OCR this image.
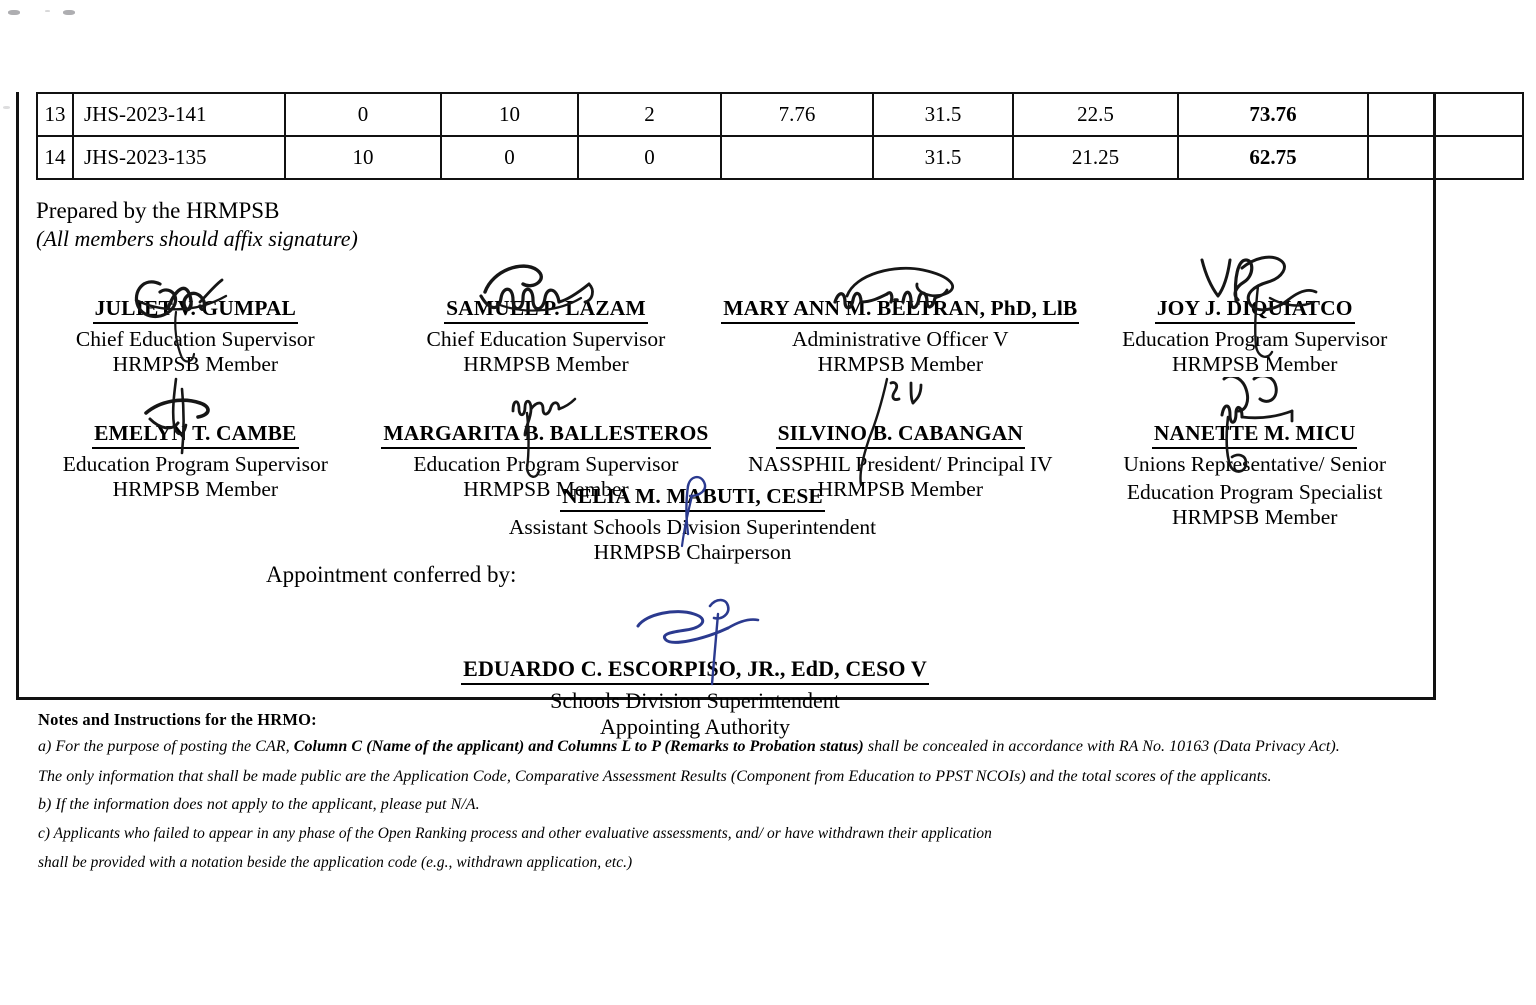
13	JHS-2023-141	0	10	2	7.76	31.5	22.5	73.76	
14	JHS-2023-135	10	0	0		31.5	21.25	62.75	
Prepared by the HRMPSB
(All members should affix signature)
JULIET V. GUMPAL
Chief Education Supervisor
HRMPSB Member
SAMUEL P. LAZAM
Chief Education Supervisor
HRMPSB Member
MARY ANN M. BELTRAN, PhD, LlB
Administrative Officer V
HRMPSB Member
JOY J. DIQUIATCO
Education Program Supervisor
HRMPSB Member
EMELYN T. CAMBE
Education Program Supervisor
HRMPSB Member
MARGARITA B. BALLESTEROS
Education Program Supervisor
HRMPSB Member
SILVINO B. CABANGAN
NASSPHIL President/ Principal IV
HRMPSB Member
NANETTE M. MICU
Unions Representative/ Senior
Education Program Specialist
HRMPSB Member
NELIA M. MABUTI, CESE
Assistant Schools Division Superintendent
HRMPSB Chairperson
Appointment conferred by:
EDUARDO C. ESCORPISO, JR., EdD, CESO V
Schools Division Superintendent
Appointing Authority
Notes and Instructions for the HRMO:
a) For the purpose of posting the CAR, Column C (Name of the applicant) and Columns L to P (Remarks to Probation status) shall be concealed in accordance with RA No. 10163 (Data Privacy Act).
The only information that shall be made public are the Application Code, Comparative Assessment Results (Component from Education to PPST NCOIs) and the total scores of the applicants.
b) If the information does not apply to the applicant, please put N/A.
c) Applicants who failed to appear in any phase of the Open Ranking process and other evaluative assessments, and/ or have withdrawn their application
shall be provided with a notation beside the application code (e.g., withdrawn application, etc.)
